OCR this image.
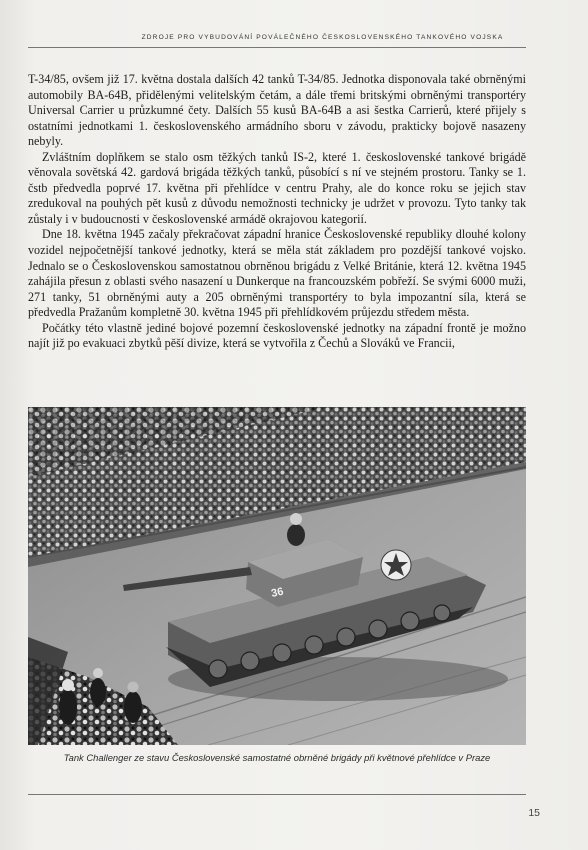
ZDROJE PRO VYBUDOVÁNÍ POVÁLEČNÉHO ČESKOSLOVENSKÉHO TANKOVÉHO VOJSKA

T-34/85, ovšem již 17. května dostala dalších 42 tanků T-34/85. Jednotka disponovala také obrněnými automobily BA-64B, přidělenými velitelským četám, a dále třemi britskými obrněnými transportéry Universal Carrier u průzkumné čety. Dalších 55 kusů BA-64B a asi šestka Carrierů, které přijely s ostatními jednotkami 1. československého armádního sboru v závodu, prakticky bojově nasazeny nebyly.

Zvláštním doplňkem se stalo osm těžkých tanků IS-2, které 1. československé tankové brigádě věnovala sovětská 42. gardová brigáda těžkých tanků, působící s ní ve stejném prostoru. Tanky se 1. čstb předvedla poprvé 17. května při přehlídce v centru Prahy, ale do konce roku se jejich stav zredukoval na pouhých pět kusů z důvodu nemožnosti technicky je udržet v provozu. Tyto tanky tak zůstaly i v budoucnosti v československé armádě okrajovou kategorií.

Dne 18. května 1945 začaly překračovat západní hranice Československé republiky dlouhé kolony vozidel nejpočetnější tankové jednotky, která se měla stát základem pro pozdější tankové vojsko. Jednalo se o Československou samostatnou obrněnou brigádu z Velké Británie, která 12. května 1945 zahájila přesun z oblasti svého nasazení u Dunkerque na francouzském pobřeží. Se svými 6000 muži, 271 tanky, 51 obrněnými auty a 205 obrněnými transportéry to byla impozantní síla, která se předvedla Pražanům kompletně 30. května 1945 při přehlídkovém průjezdu středem města.

Počátky této vlastně jediné bojové pozemní československé jednotky na západní frontě je možno najít již po evakuaci zbytků pěší divize, která se vytvořila z Čechů a Slováků ve Francii,

36
Tank Challenger ze stavu Československé samostatné obrněné brigády při květnové přehlídce v Praze
15
